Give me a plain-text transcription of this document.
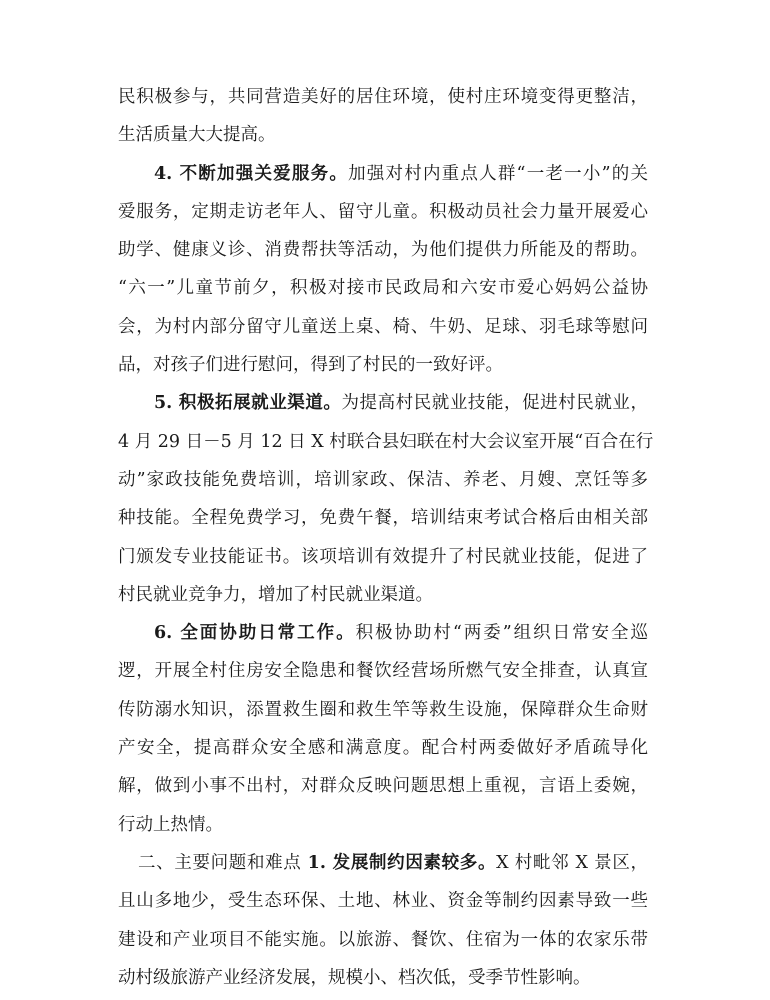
民积极参与，共同营造美好的居住环境，使村庄环境变得更整洁，
生活质量大大提高。
4. 不断加强关爱服务。加强对村内重点人群“一老一小”的关
爱服务，定期走访老年人、留守儿童。积极动员社会力量开展爱心
助学、健康义诊、消费帮扶等活动，为他们提供力所能及的帮助。
“六一”儿童节前夕，积极对接市民政局和六安市爱心妈妈公益协
会，为村内部分留守儿童送上桌、椅、牛奶、足球、羽毛球等慰问
品，对孩子们进行慰问，得到了村民的一致好评。
5. 积极拓展就业渠道。为提高村民就业技能，促进村民就业，
4 月 29 日－5 月 12 日 X 村联合县妇联在村大会议室开展“百合在行
动”家政技能免费培训，培训家政、保洁、养老、月嫂、烹饪等多
种技能。全程免费学习，免费午餐，培训结束考试合格后由相关部
门颁发专业技能证书。该项培训有效提升了村民就业技能，促进了
村民就业竞争力，增加了村民就业渠道。
6. 全面协助日常工作。积极协助村“两委”组织日常安全巡
逻，开展全村住房安全隐患和餐饮经营场所燃气安全排查，认真宣
传防溺水知识，添置救生圈和救生竿等救生设施，保障群众生命财
产安全，提高群众安全感和满意度。配合村两委做好矛盾疏导化
解，做到小事不出村，对群众反映问题思想上重视，言语上委婉，
行动上热情。
二、主要问题和难点 1. 发展制约因素较多。X 村毗邻 X 景区，
且山多地少，受生态环保、土地、林业、资金等制约因素导致一些
建设和产业项目不能实施。以旅游、餐饮、住宿为一体的农家乐带
动村级旅游产业经济发展，规模小、档次低，受季节性影响。
